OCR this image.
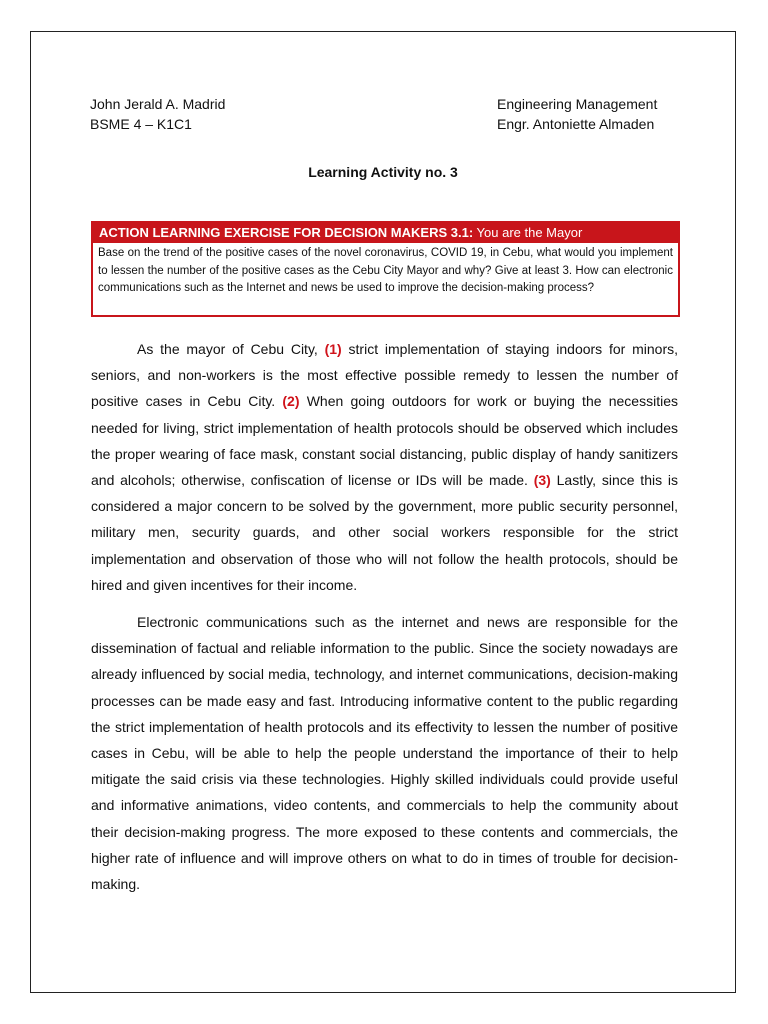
John Jerald A. Madrid
BSME 4 – K1C1
Engineering Management
Engr. Antoniette Almaden
Learning Activity no. 3
ACTION LEARNING EXERCISE FOR DECISION MAKERS 3.1: You are the Mayor
Base on the trend of the positive cases of the novel coronavirus, COVID 19, in Cebu, what would you implement to lessen the number of the positive cases as the Cebu City Mayor and why? Give at least 3. How can electronic communications such as the Internet and news be used to improve the decision-making process?

As the mayor of Cebu City, (1) strict implementation of staying indoors for minors, seniors, and non-workers is the most effective possible remedy to lessen the number of positive cases in Cebu City. (2) When going outdoors for work or buying the necessities needed for living, strict implementation of health protocols should be observed which includes the proper wearing of face mask, constant social distancing, public display of handy sanitizers and alcohols; otherwise, confiscation of license or IDs will be made. (3) Lastly, since this is considered a major concern to be solved by the government, more public security personnel, military men, security guards, and other social workers responsible for the strict implementation and observation of those who will not follow the health protocols, should be hired and given incentives for their income.

Electronic communications such as the internet and news are responsible for the dissemination of factual and reliable information to the public. Since the society nowadays are already influenced by social media, technology, and internet communications, decision-making processes can be made easy and fast. Introducing informative content to the public regarding the strict implementation of health protocols and its effectivity to lessen the number of positive cases in Cebu, will be able to help the people understand the importance of their to help mitigate the said crisis via these technologies. Highly skilled individuals could provide useful and informative animations, video contents, and commercials to help the community about their decision-making progress. The more exposed to these contents and commercials, the higher rate of influence and will improve others on what to do in times of trouble for decision-making.
